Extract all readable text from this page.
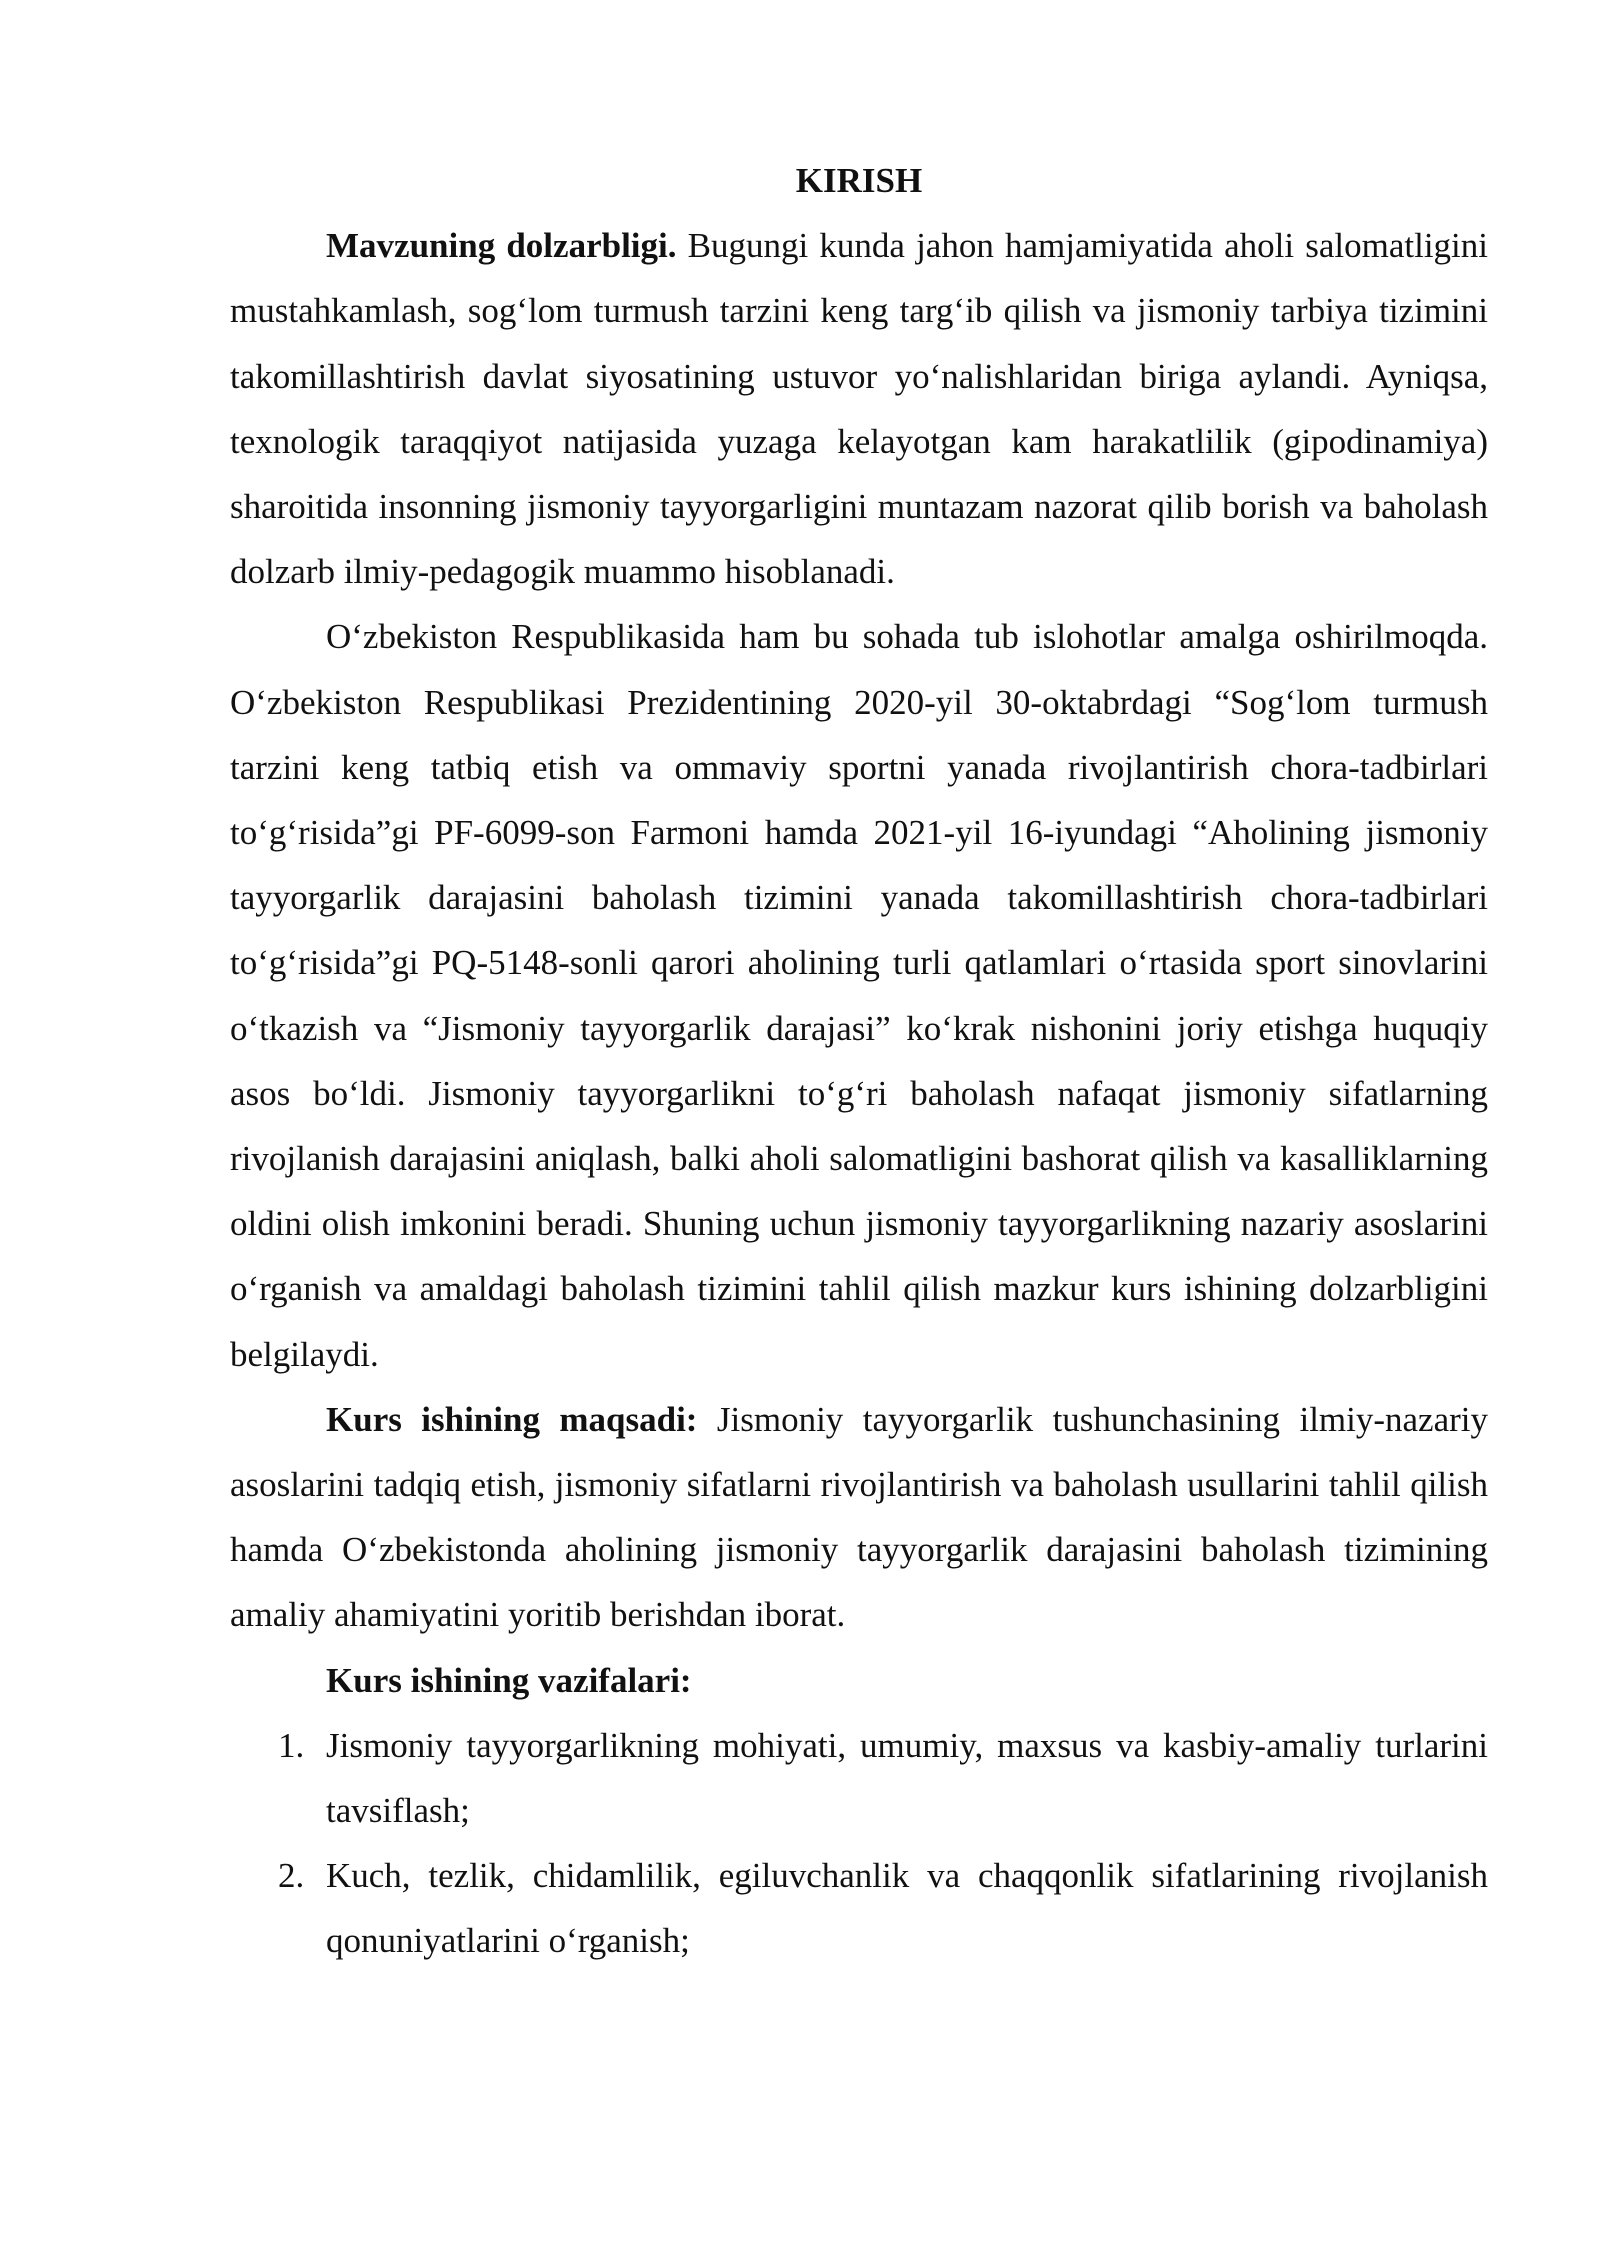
KIRISH

Mavzuning dolzarbligi. Bugungi kunda jahon hamjamiyatida aholi salomatligini mustahkamlash, sog‘lom turmush tarzini keng targ‘ib qilish va jismoniy tarbiya tizimini takomillashtirish davlat siyosatining ustuvor yo‘nalishlaridan biriga aylandi. Ayniqsa, texnologik taraqqiyot natijasida yuzaga kelayotgan kam harakatlilik (gipodinamiya) sharoitida insonning jismoniy tayyorgarligini muntazam nazorat qilib borish va baholash dolzarb ilmiy-pedagogik muammo hisoblanadi.

O‘zbekiston Respublikasida ham bu sohada tub islohotlar amalga oshirilmoqda. O‘zbekiston Respublikasi Prezidentining 2020-yil 30-oktabrdagi “Sog‘lom turmush tarzini keng tatbiq etish va ommaviy sportni yanada rivojlantirish chora-tadbirlari to‘g‘risida”gi PF-6099-son Farmoni hamda 2021-yil 16-iyundagi “Aholining jismoniy tayyorgarlik darajasini baholash tizimini yanada takomillashtirish chora-tadbirlari to‘g‘risida”gi PQ-5148-sonli qarori aholining turli qatlamlari o‘rtasida sport sinovlarini o‘tkazish va “Jismoniy tayyorgarlik darajasi” ko‘krak nishonini joriy etishga huquqiy asos bo‘ldi. Jismoniy tayyorgarlikni to‘g‘ri baholash nafaqat jismoniy sifatlarning rivojlanish darajasini aniqlash, balki aholi salomatligini bashorat qilish va kasalliklarning oldini olish imkonini beradi. Shuning uchun jismoniy tayyorgarlikning nazariy asoslarini o‘rganish va amaldagi baholash tizimini tahlil qilish mazkur kurs ishining dolzarbligini belgilaydi.

Kurs ishining maqsadi: Jismoniy tayyorgarlik tushunchasining ilmiy-nazariy asoslarini tadqiq etish, jismoniy sifatlarni rivojlantirish va baholash usullarini tahlil qilish hamda O‘zbekistonda aholining jismoniy tayyorgarlik darajasini baholash tizimining amaliy ahamiyatini yoritib berishdan iborat.

Kurs ishining vazifalari:

1. Jismoniy tayyorgarlikning mohiyati, umumiy, maxsus va kasbiy-amaliy turlarini tavsiflash;
2. Kuch, tezlik, chidamlilik, egiluvchanlik va chaqqonlik sifatlarining rivojlanish qonuniyatlarini o‘rganish;
